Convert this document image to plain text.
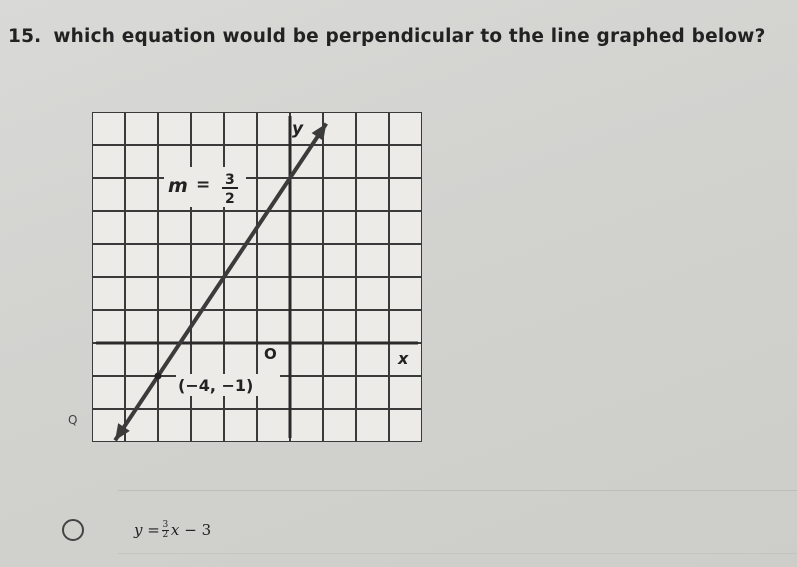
15. which equation would be perpendicular to the line graphed below?
m = 3
2
y
x
O
(−4, −1)
Q
$y = \frac{3}{2}$ x − 3
